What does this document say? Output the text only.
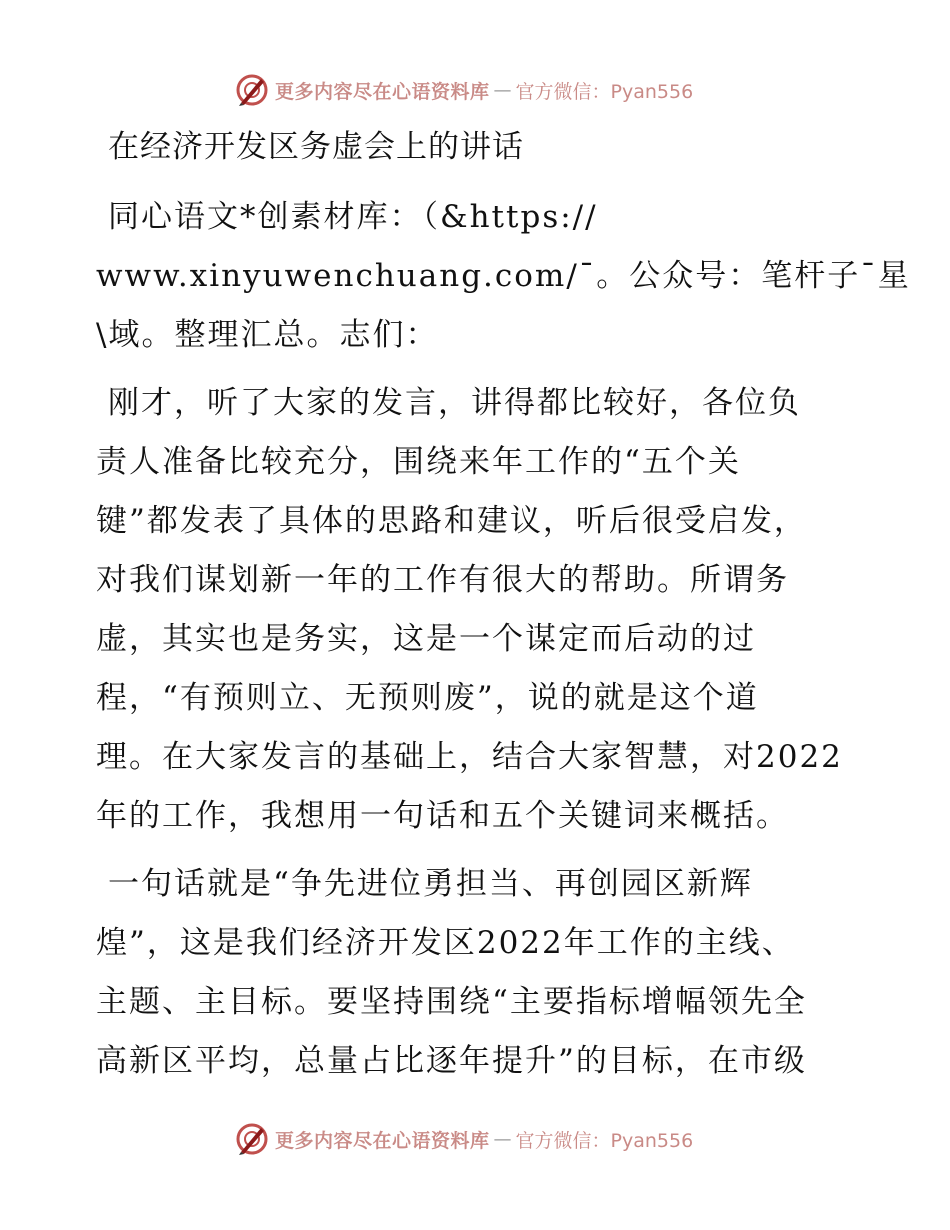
更多内容尽在心语资料库 — 官方微信：Pyan556

在经济开发区务虚会上的讲话

同心语文*创素材库：（&https://
www.xinyuwenchuang.com/¯。公众号：笔杆子¯星
\域。整理汇总。志们：

刚才，听了大家的发言，讲得都比较好，各位负
责人准备比较充分，围绕来年工作的“五个关
键”都发表了具体的思路和建议，听后很受启发，
对我们谋划新一年的工作有很大的帮助。所谓务
虚，其实也是务实，这是一个谋定而后动的过
程，“有预则立、无预则废”，说的就是这个道
理。在大家发言的基础上，结合大家智慧，对2022
年的工作，我想用一句话和五个关键词来概括。

一句话就是“争先进位勇担当、再创园区新辉
煌”，这是我们经济开发区2022年工作的主线、
主题、主目标。要坚持围绕“主要指标增幅领先全
高新区平均，总量占比逐年提升”的目标，在市级

更多内容尽在心语资料库 — 官方微信：Pyan556
